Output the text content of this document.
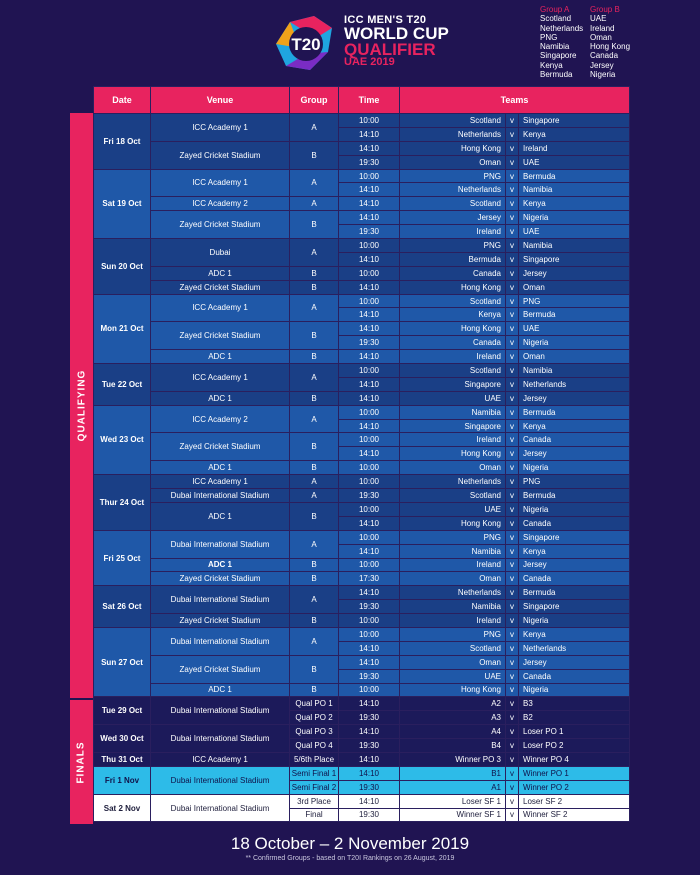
T20
ICC MEN'S T20
WORLD CUP
QUALIFIER
UAE 2019
Group A
Scotland
Netherlands
PNG
Namibia
Singapore
Kenya
Bermuda
Group B
UAE
Ireland
Oman
Hong Kong
Canada
Jersey
Nigeria
QUALIFYING
FINALS
Date	Venue	Group	Time	Teams		
Fri 18 Oct	ICC Academy 1	A	10:00	Scotland	v	Singapore
			14:10	Netherlands	v	Kenya
	Zayed Cricket Stadium	B	14:10	Hong Kong	v	Ireland
			19:30	Oman	v	UAE
Sat 19 Oct	ICC Academy 1	A	10:00	PNG	v	Bermuda
			14:10	Netherlands	v	Namibia
	ICC Academy 2	A	14:10	Scotland	v	Kenya
	Zayed Cricket Stadium	B	14:10	Jersey	v	Nigeria
			19:30	Ireland	v	UAE
Sun 20 Oct	Dubai	A	10:00	PNG	v	Namibia
			14:10	Bermuda	v	Singapore
	ADC 1	B	10:00	Canada	v	Jersey
	Zayed Cricket Stadium	B	14:10	Hong Kong	v	Oman
Mon 21 Oct	ICC Academy 1	A	10:00	Scotland	v	PNG
			14:10	Kenya	v	Bermuda
	Zayed Cricket Stadium	B	14:10	Hong Kong	v	UAE
			19:30	Canada	v	Nigeria
	ADC 1	B	14:10	Ireland	v	Oman
Tue 22 Oct	ICC Academy 1	A	10:00	Scotland	v	Namibia
			14:10	Singapore	v	Netherlands
	ADC 1	B	14:10	UAE	v	Jersey
Wed 23 Oct	ICC Academy 2	A	10:00	Namibia	v	Bermuda
			14:10	Singapore	v	Kenya
	Zayed Cricket Stadium	B	10:00	Ireland	v	Canada
			14:10	Hong Kong	v	Jersey
	ADC 1	B	10:00	Oman	v	Nigeria
Thur 24 Oct	ICC Academy 1	A	10:00	Netherlands	v	PNG
	Dubai International Stadium	A	19:30	Scotland	v	Bermuda
	ADC 1	B	10:00	UAE	v	Nigeria
			14:10	Hong Kong	v	Canada
Fri 25 Oct	Dubai International Stadium	A	10:00	PNG	v	Singapore
			14:10	Namibia	v	Kenya
	ADC 1	B	10:00	Ireland	v	Jersey
	Zayed Cricket Stadium	B	17:30	Oman	v	Canada
Sat 26 Oct	Dubai International Stadium	A	14:10	Netherlands	v	Bermuda
			19:30	Namibia	v	Singapore
	Zayed Cricket Stadium	B	10:00	Ireland	v	Nigeria
Sun 27 Oct	Dubai International Stadium	A	10:00	PNG	v	Kenya
			14:10	Scotland	v	Netherlands
	Zayed Cricket Stadium	B	14:10	Oman	v	Jersey
			19:30	UAE	v	Canada
	ADC 1	B	10:00	Hong Kong	v	Nigeria
Tue 29 Oct	Dubai International Stadium	Qual PO 1	14:10	A2	v	B3
		Qual PO 2	19:30	A3	v	B2
Wed 30 Oct	Dubai International Stadium	Qual PO 3	14:10	A4	v	Loser PO 1
		Qual PO 4	19:30	B4	v	Loser PO 2
Thu 31 Oct	ICC Academy 1	5/6th Place	14:10	Winner PO 3	v	Winner PO 4
Fri 1 Nov	Dubai International Stadium	Semi Final 1	14:10	B1	v	Winner PO 1
		Semi Final 2	19:30	A1	v	Winner PO 2
Sat 2 Nov	Dubai International Stadium	3rd Place	14:10	Loser SF 1	v	Loser SF 2
		Final	19:30	Winner SF 1	v	Winner SF 2
18 October – 2 November 2019
** Confirmed Groups - based on T20I Rankings on 26 August, 2019
